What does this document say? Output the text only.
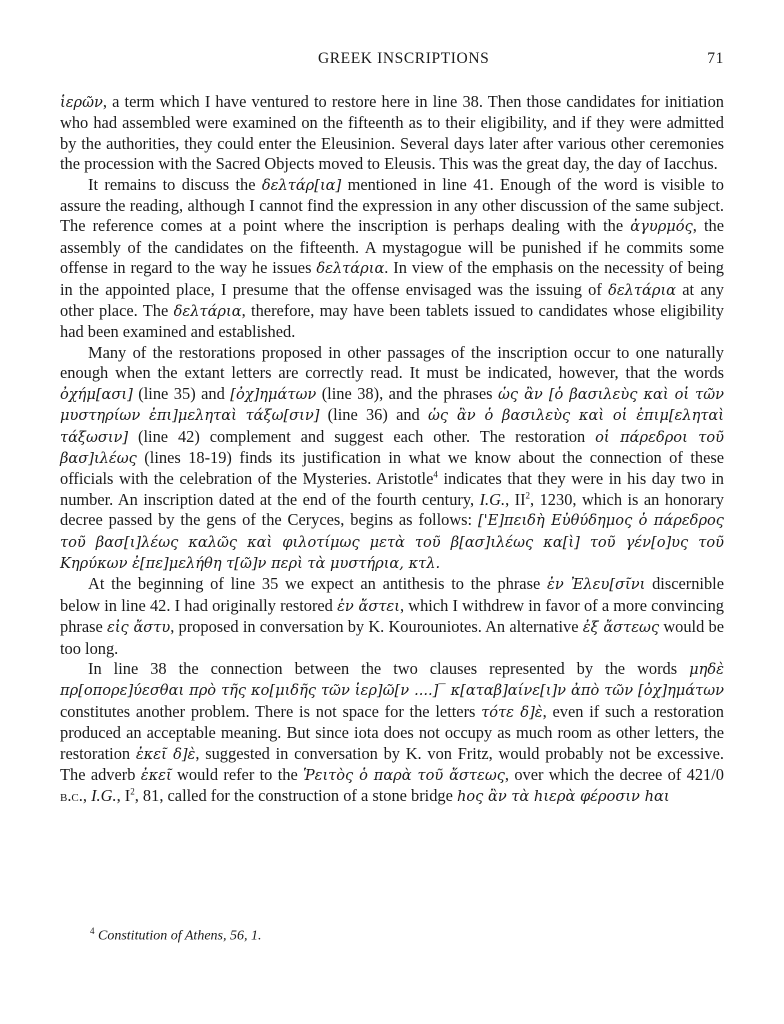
GREEK INSCRIPTIONS	71

ἱερῶν, a term which I have ventured to restore here in line 38. Then those candidates for initiation who had assembled were examined on the fifteenth as to their eligibility, and if they were admitted by the authorities, they could enter the Eleusinion. Several days later after various other ceremonies the procession with the Sacred Objects moved to Eleusis. This was the great day, the day of Iacchus.

It remains to discuss the δελτάρ[ια] mentioned in line 41. Enough of the word is visible to assure the reading, although I cannot find the expression in any other discussion of the same subject. The reference comes at a point where the inscription is perhaps dealing with the ἀγυρμός, the assembly of the candidates on the fifteenth. A mystagogue will be punished if he commits some offense in regard to the way he issues δελτάρια. In view of the emphasis on the necessity of being in the appointed place, I presume that the offense envisaged was the issuing of δελτάρια at any other place. The δελτάρια, therefore, may have been tablets issued to candidates whose eligibility had been examined and established.

Many of the restorations proposed in other passages of the inscription occur to one naturally enough when the extant letters are correctly read. It must be indicated, however, that the words ὀχήμ[ασι] (line 35) and [ὀχ]ημάτων (line 38), and the phrases ὡς ἂν [ὁ βασιλεὺς καὶ οἱ τῶν μυστηρίων ἐπι]μεληταὶ τάξω[σιν] (line 36) and ὡς ἂν ὁ βασιλεὺς καὶ οἱ ἐπιμ[εληταὶ τάξωσιν] (line 42) complement and suggest each other. The restoration οἱ πάρεδροι τοῦ βασ]ιλέως (lines 18-19) finds its justification in what we know about the connection of these officials with the celebration of the Mysteries. Aristotle$^4$ indicates that they were in his day two in number. An inscription dated at the end of the fourth century, I.G., $II^2$, 1230, which is an honorary decree passed by the gens of the Ceryces, begins as follows: ['Ε]πειδὴ Εὐθύδημος ὁ πάρεδρος τοῦ βασ[ι]λέως καλῶς καὶ φιλοτίμως μετὰ τοῦ β[ασ]ιλέως κα[ὶ] τοῦ γέν[ο]υς τοῦ Κηρύκων ἐ[πε]μελήθη τ[ῶ]ν περὶ τὰ μυστήρια, κτλ.

At the beginning of line 35 we expect an antithesis to the phrase ἐν Ἐλευ[σῖνι discernible below in line 42. I had originally restored ἐν ἄστει, which I withdrew in favor of a more convincing phrase εἰς ἄστυ, proposed in conversation by K. Kourouniotes. An alternative ἐξ ἄστεως would be too long.

In line 38 the connection between the two clauses represented by the words μηδὲ πρ[οπορε]ύεσθαι πρὸ τῆς κο[μιδῆς τῶν ἱερ]ῶ[ν ....]‾ κ[αταβ]αίνε[ι]ν ἀπὸ τῶν [ὀχ]ημάτων constitutes another problem. There is not space for the letters τότε δ]ὲ, even if such a restoration produced an acceptable meaning. But since iota does not occupy as much room as other letters, the restoration ἐκεῖ δ]ὲ, suggested in conversation by K. von Fritz, would probably not be excessive. The adverb ἐκεῖ would refer to the Ῥειτὸς ὁ παρὰ τοῦ ἄστεως, over which the decree of 421/0 b.c., I.G., $I^2$, 81, called for the construction of a stone bridge hος ἂν τὰ hιερὰ φέροσιν hαι

$^4$ Constitution of Athens, 56, 1.
